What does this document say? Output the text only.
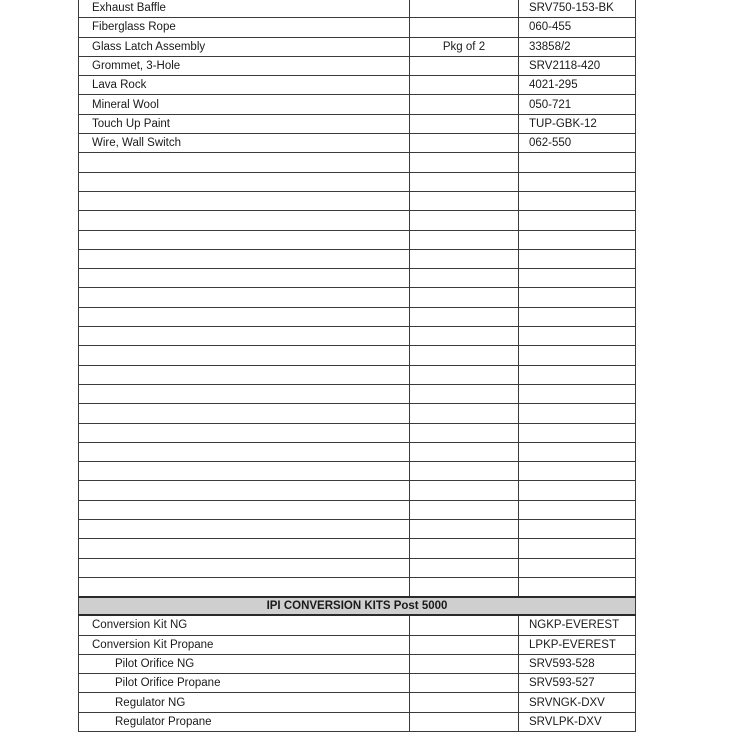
Exhaust Baffle		SRV750-153-BK
Fiberglass Rope		060-455
Glass Latch Assembly	Pkg of 2	33858/2
Grommet, 3-Hole		SRV2118-420
Lava Rock		4021-295
Mineral Wool		050-721
Touch Up Paint		TUP-GBK-12
Wire, Wall Switch		062-550

IPI CONVERSION KITS Post 5000		
Conversion Kit NG		NGKP-EVEREST
Conversion Kit Propane		LPKP-EVEREST
Pilot Orifice NG		SRV593-528
Pilot Orifice Propane		SRV593-527
Regulator NG		SRVNGK-DXV
Regulator Propane		SRVLPK-DXV
